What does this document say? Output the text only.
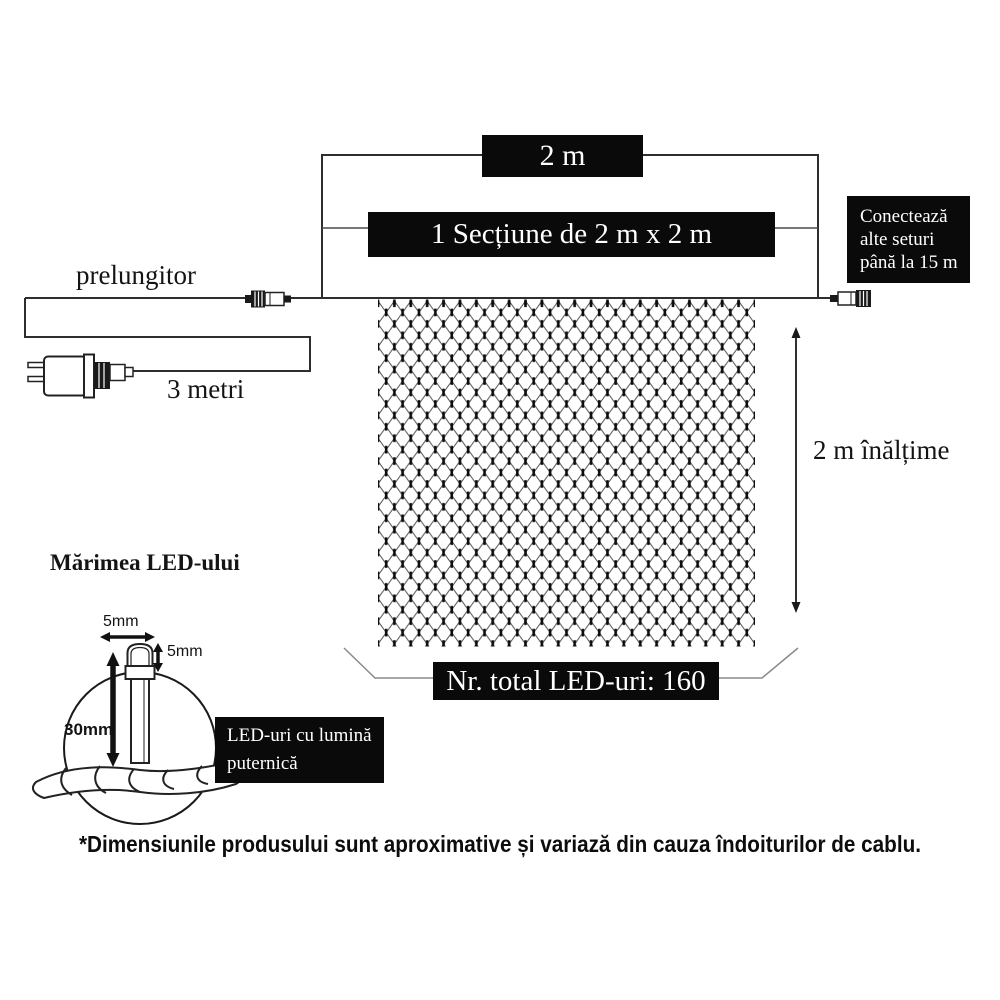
2 m
1 Secțiune de 2 m x 2 m
Conectează
alte seturi
până la 15 m
Nr. total LED-uri: 160
LED-uri cu lumină
puternică
prelungitor
3 metri
2 m înălțime
Mărimea LED-ului
5mm
5mm
30mm
*Dimensiunile produsului sunt aproximative și variază din cauza îndoiturilor de cablu.
